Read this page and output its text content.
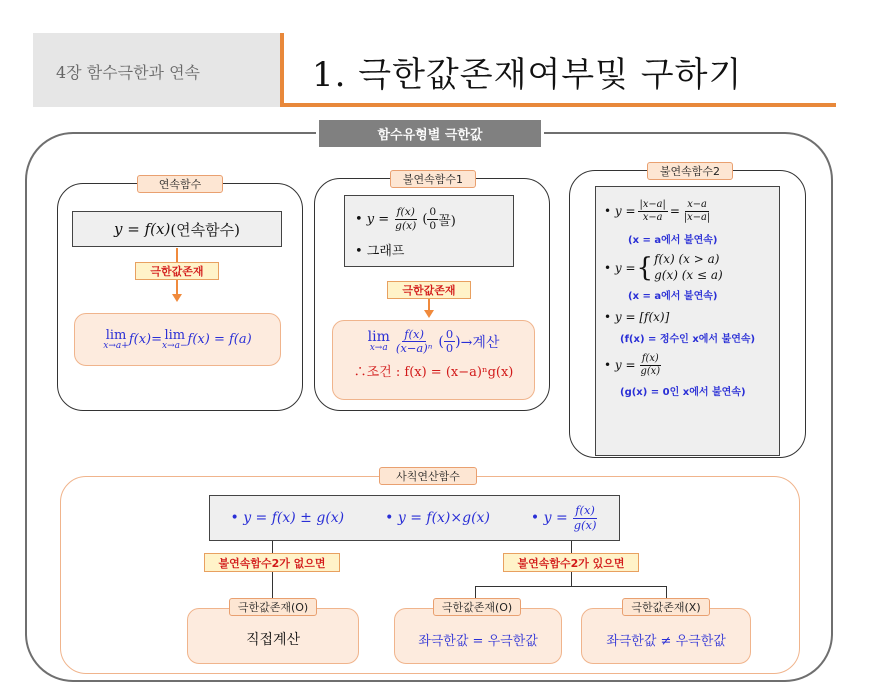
4장 함수극한과 연속	1. 극한값존재여부및 구하기
함수유형별 극한값
연속함수
y = f(x) (연속함수)
극한값존재
lim
x→a+ f(x) = lim
x→a− f(x) = f(a)
불연속함수1
• $y = \frac{f(x)}{g(x)}$ ( $\frac{0}{0}$ 꼴)
• 그래프
극한값존재
lim
$x\to a \frac{f(x)}{\text{(x−a)ⁿ}}$ ( $\frac{0}{0}$ ) →계산
∴조건 : f(x) = (x−a)ⁿg(x)
불연속함수2
• $y = \frac{|x-a|}{x-a} = \frac{x-a}{|x-a|}$
(x = a에서 불연속)
• y = { f(x) (x > a)
g(x) (x ≤ a)
(x = a에서 불연속)
• y = [f(x)]
(f(x) = 정수인 x에서 불연속)
• $y = \frac{f(x)}{g(x)}$
(g(x) = 0인 x에서 불연속)
사칙연산함수
• y = f(x) ± g(x)	• y = f(x)×g(x)	• $y = \frac{f(x)}{g(x)}$
불연속함수2가 없으면	불연속함수2가 있으면
직접계산
극한값존재(O)
좌극한값 = 우극한값
극한값존재(O)
좌극한값 ≠ 우극한값
극한값존재(X)
